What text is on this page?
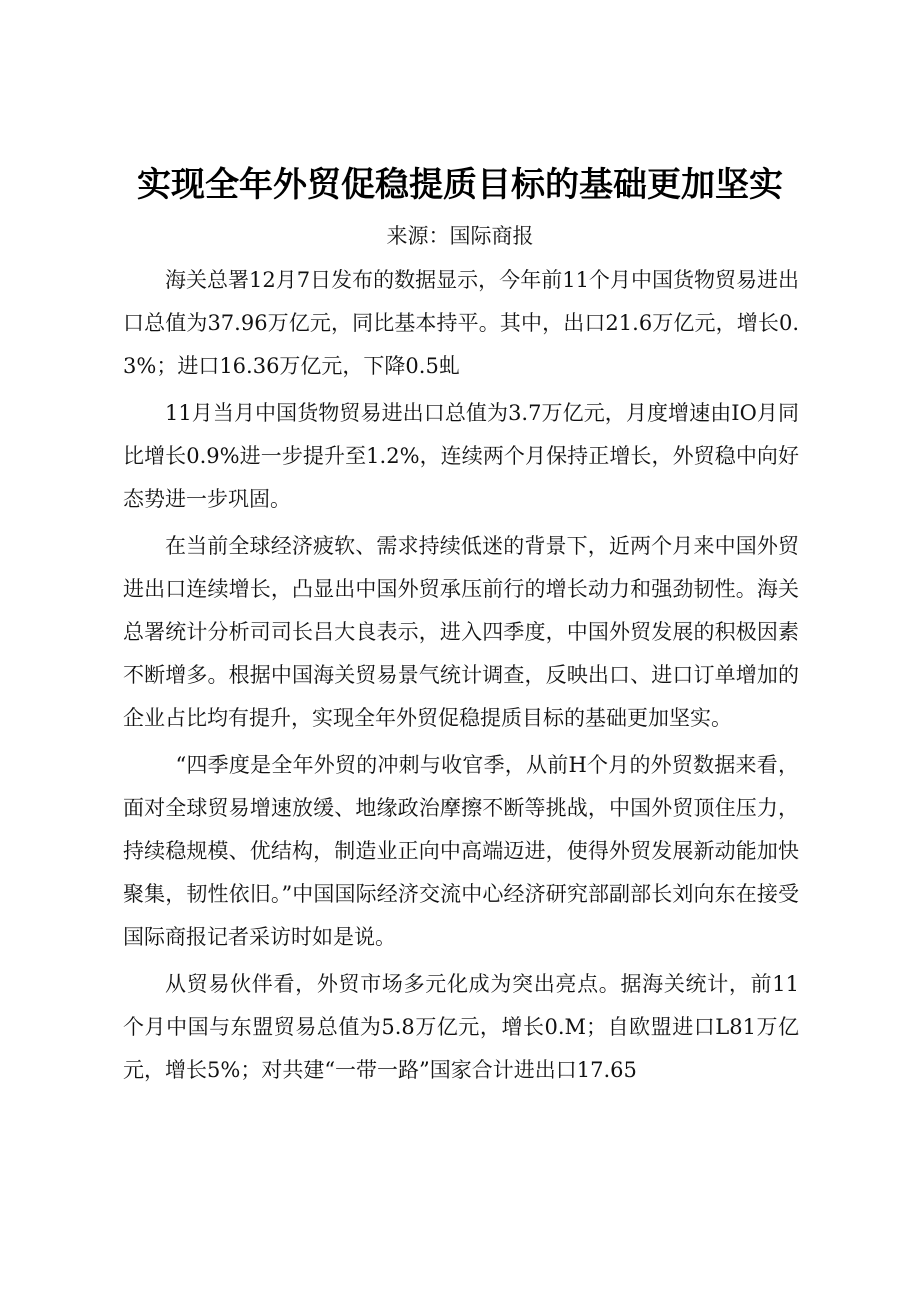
实现全年外贸促稳提质目标的基础更加坚实

来源：国际商报

海关总署12月7日发布的数据显示，今年前11个月中国货物贸易进出口总值为37.96万亿元，同比基本持平。其中，出口21.6万亿元，增长0.3%；进口16.36万亿元，下降0.5虬

11月当月中国货物贸易进出口总值为3.7万亿元，月度增速由IO月同比增长0.9%进一步提升至1.2%，连续两个月保持正增长，外贸稳中向好态势进一步巩固。

在当前全球经济疲软、需求持续低迷的背景下，近两个月来中国外贸进出口连续增长，凸显出中国外贸承压前行的增长动力和强劲韧性。海关总署统计分析司司长吕大良表示，进入四季度，中国外贸发展的积极因素不断增多。根据中国海关贸易景气统计调查，反映出口、进口订单增加的企业占比均有提升，实现全年外贸促稳提质目标的基础更加坚实。

“四季度是全年外贸的冲刺与收官季，从前H个月的外贸数据来看，面对全球贸易增速放缓、地缘政治摩擦不断等挑战，中国外贸顶住压力，持续稳规模、优结构，制造业正向中高端迈进，使得外贸发展新动能加快聚集，韧性依旧。”中国国际经济交流中心经济研究部副部长刘向东在接受国际商报记者采访时如是说。

从贸易伙伴看，外贸市场多元化成为突出亮点。据海关统计，前11个月中国与东盟贸易总值为5.8万亿元，增长0.M；自欧盟进口L81万亿元，增长5%；对共建“一带一路”国家合计进出口17.65
